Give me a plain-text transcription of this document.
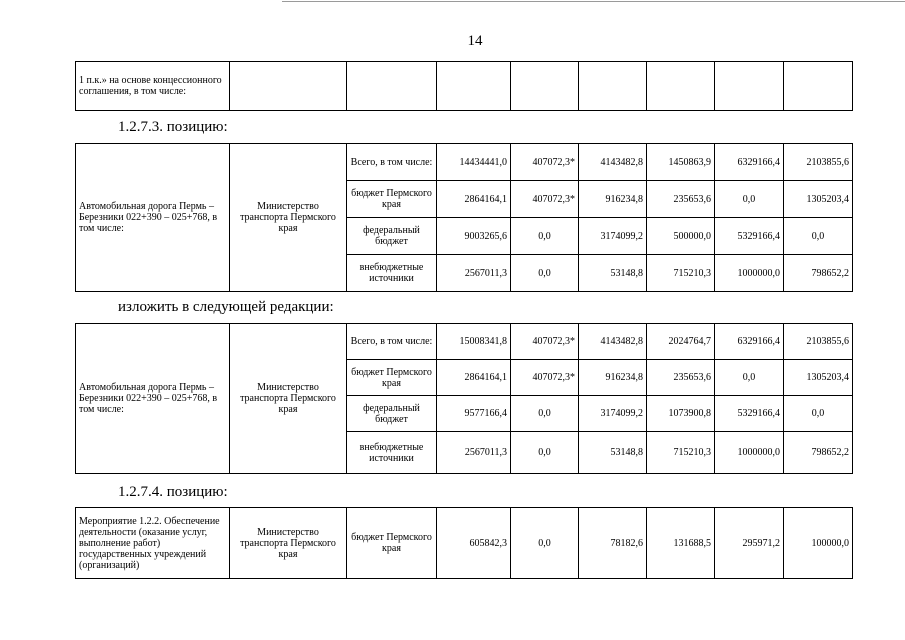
14
1 п.к.» на основе концессионного соглашения, в том числе:								
1.2.7.3. позицию:
Автомобильная дорога Пермь – Березники 022+390 – 025+768, в том числе:	Министерство транспорта Пермского края	Всего, в том числе:	14434441,0	407072,3*	4143482,8	1450863,9	6329166,4	2103855,6
		бюджет Пермского края	2864164,1	407072,3*	916234,8	235653,6	0,0	1305203,4
		федеральный бюджет	9003265,6	0,0	3174099,2	500000,0	5329166,4	0,0
		внебюджетные источники	2567011,3	0,0	53148,8	715210,3	1000000,0	798652,2
изложить в следующей редакции:
Автомобильная дорога Пермь – Березники 022+390 – 025+768, в том числе:	Министерство транспорта Пермского края	Всего, в том числе:	15008341,8	407072,3*	4143482,8	2024764,7	6329166,4	2103855,6
		бюджет Пермского края	2864164,1	407072,3*	916234,8	235653,6	0,0	1305203,4
		федеральный бюджет	9577166,4	0,0	3174099,2	1073900,8	5329166,4	0,0
		внебюджетные источники	2567011,3	0,0	53148,8	715210,3	1000000,0	798652,2
1.2.7.4. позицию:
Мероприятие 1.2.2. Обеспечение деятельности (оказание услуг, выполнение работ) государственных учреждений (организаций)	Министерство транспорта Пермского края	бюджет Пермского края	605842,3	0,0	78182,6	131688,5	295971,2	100000,0
